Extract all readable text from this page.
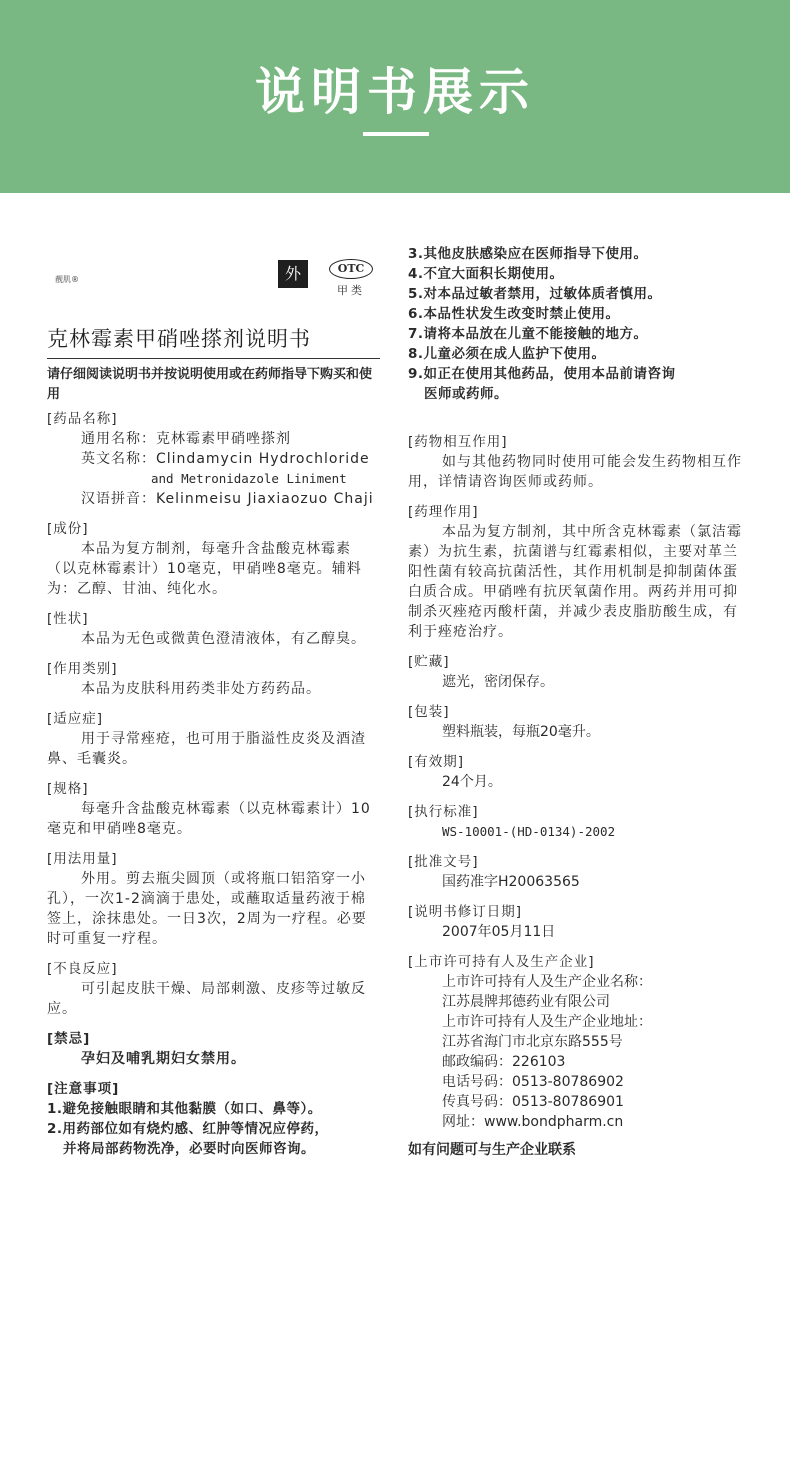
说明书展示
靓肌®	外	OTC
甲类
克林霉素甲硝唑搽剂说明书
请仔细阅读说明书并按说明使用或在药师指导下购买和使用
[药品名称]
通用名称：克林霉素甲硝唑搽剂
英文名称：Clindamycin Hydrochloride
and Metronidazole Liniment
汉语拼音：Kelinmeisu Jiaxiaozuo Chaji
[成份]
本品为复方制剂，每毫升含盐酸克林霉素（以克林霉素计）10毫克，甲硝唑8毫克。辅料为：乙醇、甘油、纯化水。
[性状]
本品为无色或微黄色澄清液体，有乙醇臭。
[作用类别]
本品为皮肤科用药类非处方药药品。
[适应症]
用于寻常痤疮，也可用于脂溢性皮炎及酒渣鼻、毛囊炎。
[规格]
每毫升含盐酸克林霉素（以克林霉素计）10毫克和甲硝唑8毫克。
[用法用量]
外用。剪去瓶尖圆顶（或将瓶口铝箔穿一小孔），一次1-2滴滴于患处，或蘸取适量药液于棉签上，涂抹患处。一日3次，2周为一疗程。必要时可重复一疗程。
[不良反应]
可引起皮肤干燥、局部刺激、皮疹等过敏反应。
[禁忌]
孕妇及哺乳期妇女禁用。
[注意事项]
1.避免接触眼睛和其他黏膜（如口、鼻等）。
2.用药部位如有烧灼感、红肿等情况应停药，
并将局部药物洗净，必要时向医师咨询。
3.其他皮肤感染应在医师指导下使用。
4.不宜大面积长期使用。
5.对本品过敏者禁用，过敏体质者慎用。
6.本品性状发生改变时禁止使用。
7.请将本品放在儿童不能接触的地方。
8.儿童必须在成人监护下使用。
9.如正在使用其他药品，使用本品前请咨询
医师或药师。
[药物相互作用]
如与其他药物同时使用可能会发生药物相互作用，详情请咨询医师或药师。
[药理作用]
本品为复方制剂，其中所含克林霉素（氯洁霉素）为抗生素，抗菌谱与红霉素相似，主要对革兰阳性菌有较高抗菌活性，其作用机制是抑制菌体蛋白质合成。甲硝唑有抗厌氧菌作用。两药并用可抑制杀灭痤疮丙酸杆菌，并减少表皮脂肪酸生成，有利于痤疮治疗。
[贮藏]
遮光，密闭保存。
[包装]
塑料瓶装，每瓶20毫升。
[有效期]
24个月。
[执行标准]
WS-10001-(HD-0134)-2002
[批准文号]
国药准字H20063565
[说明书修订日期]
2007年05月11日
[上市许可持有人及生产企业]
上市许可持有人及生产企业名称：
江苏晨牌邦德药业有限公司
上市许可持有人及生产企业地址：
江苏省海门市北京东路555号
邮政编码：226103
电话号码：0513-80786902
传真号码：0513-80786901
网址：www.bondpharm.cn
如有问题可与生产企业联系
